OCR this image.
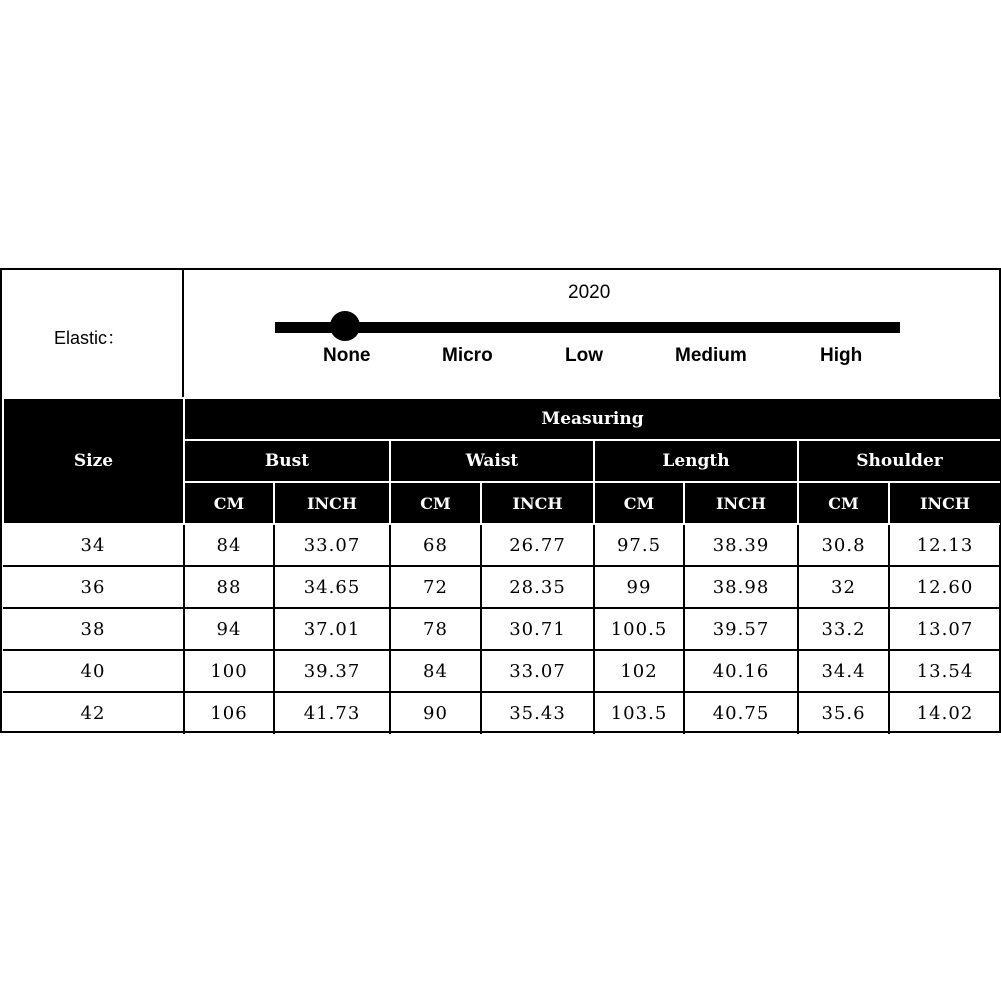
Elastic：
2020
None	Micro	Low	Medium	High
Size	Measuring							
	Bust		Waist		Length		Shoulder	
	CM	INCH	CM	INCH	CM	INCH	CM	INCH
34	84	33.07	68	26.77	97.5	38.39	30.8	12.13
36	88	34.65	72	28.35	99	38.98	32	12.60
38	94	37.01	78	30.71	100.5	39.57	33.2	13.07
40	100	39.37	84	33.07	102	40.16	34.4	13.54
42	106	41.73	90	35.43	103.5	40.75	35.6	14.02
